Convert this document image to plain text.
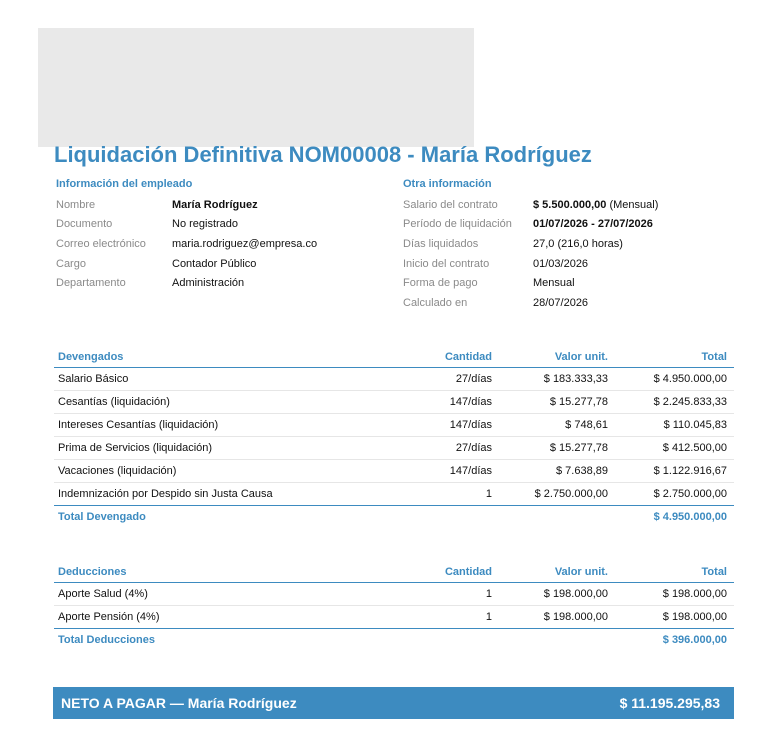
Liquidación Definitiva NOM00008 - María Rodríguez
Información del empleado
Nombre	María Rodríguez
Documento	No registrado
Correo electrónico	maria.rodriguez@empresa.co
Cargo	Contador Público
Departamento	Administración
Otra información
Salario del contrato	$ 5.500.000,00 (Mensual)
Período de liquidación	01/07/2026 - 27/07/2026
Días liquidados	27,0 (216,0 horas)
Inicio del contrato	01/03/2026
Forma de pago	Mensual
Calculado en	28/07/2026
Devengados	Cantidad	Valor unit.	Total
Salario Básico	27/días	$ 183.333,33	$ 4.950.000,00
Cesantías (liquidación)	147/días	$ 15.277,78	$ 2.245.833,33
Intereses Cesantías (liquidación)	147/días	$ 748,61	$ 110.045,83
Prima de Servicios (liquidación)	27/días	$ 15.277,78	$ 412.500,00
Vacaciones (liquidación)	147/días	$ 7.638,89	$ 1.122.916,67
Indemnización por Despido sin Justa Causa	1	$ 2.750.000,00	$ 2.750.000,00
Total Devengado			$ 4.950.000,00
Deducciones	Cantidad	Valor unit.	Total
Aporte Salud (4%)	1	$ 198.000,00	$ 198.000,00
Aporte Pensión (4%)	1	$ 198.000,00	$ 198.000,00
Total Deducciones			$ 396.000,00
NETO A PAGAR — María Rodríguez	$ 11.195.295,83
